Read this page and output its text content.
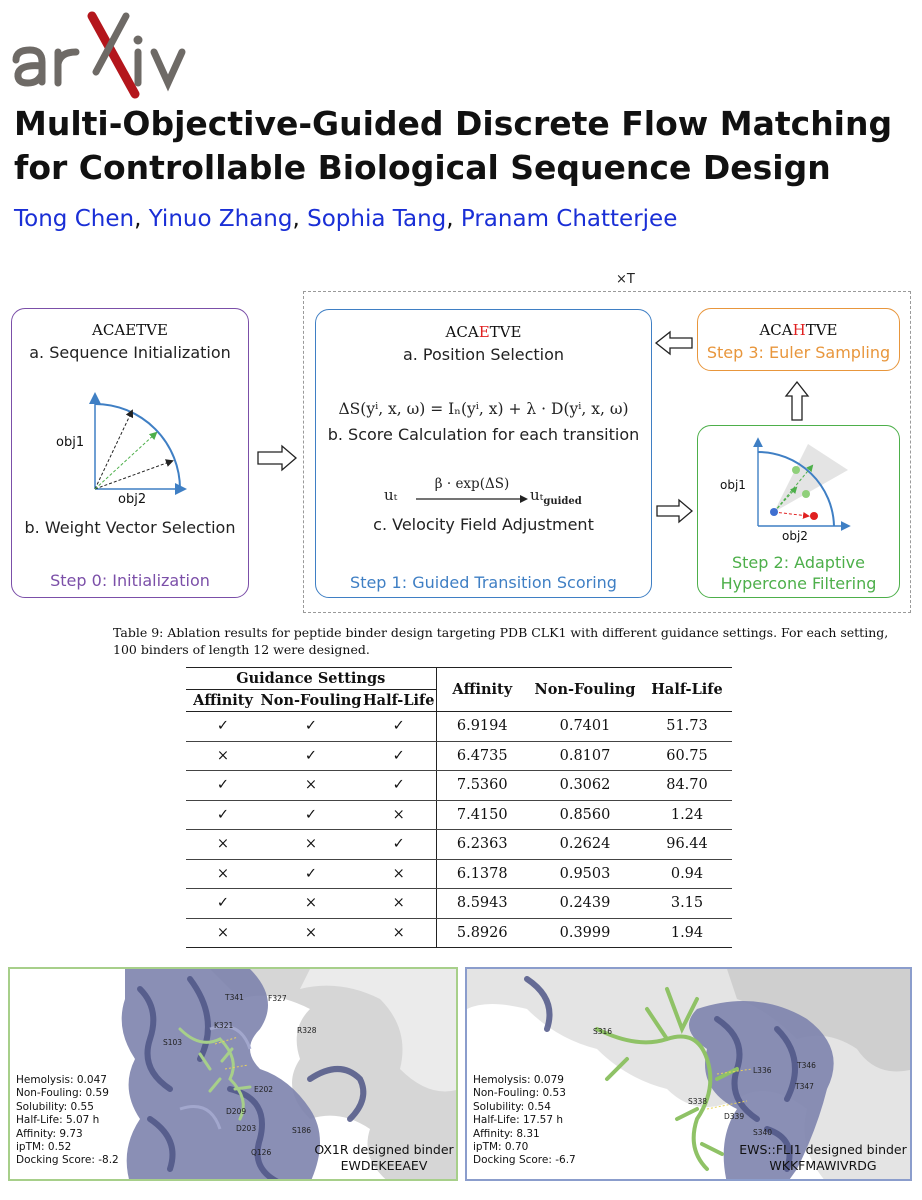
Multi-Objective-Guided Discrete Flow Matching
for Controllable Biological Sequence Design
Tong Chen, Yinuo Zhang, Sophia Tang, Pranam Chatterjee
×T
ACAETVE
a. Sequence Initialization
obj1
obj2
b. Weight Vector Selection
Step 0: Initialization
ACAETVE
a. Position Selection
ΔS(yⁱ, x, ω) = Iₙ(yⁱ, x) + λ · D(yⁱ, x, ω)
b. Score Calculation for each transition
uₜ
β · exp(ΔS)
uₜ$_{guided}$
c. Velocity Field Adjustment
Step 1: Guided Transition Scoring
ACAHTVE
Step 3: Euler Sampling
obj1
obj2
Step 2: Adaptive
Hypercone Filtering
Table 9: Ablation results for peptide binder design targeting PDB CLK1 with different guidance settings. For each setting, 100 binders of length 12 were designed.
Guidance Settings			Affinity	Non-Fouling	Half-Life
Affinity	Non-Fouling	Half-Life			
✓	✓	✓	6.9194	0.7401	51.73
×	✓	✓	6.4735	0.8107	60.75
✓	×	✓	7.5360	0.3062	84.70
✓	✓	×	7.4150	0.8560	1.24
×	×	✓	6.2363	0.2624	96.44
×	✓	×	6.1378	0.9503	0.94
✓	×	×	8.5943	0.2439	3.15
×	×	×	5.8926	0.3999	1.94
T341	F327
K321
R328
S103
E202
D209
D203	S186
Q126
Hemolysis: 0.047
Non-Fouling: 0.59
Solubility: 0.55
Half-Life: 5.07 h
Affinity: 9.73
ipTM: 0.52
Docking Score: -8.2
OX1R designed binder
EWDEKEEAEV
S316
L336
T346
T347
S338
D339
S340
Hemolysis: 0.079
Non-Fouling: 0.53
Solubility: 0.54
Half-Life: 17.57 h
Affinity: 8.31
ipTM: 0.70
Docking Score: -6.7
EWS::FLI1 designed binder
WKKFMAWIVRDG
